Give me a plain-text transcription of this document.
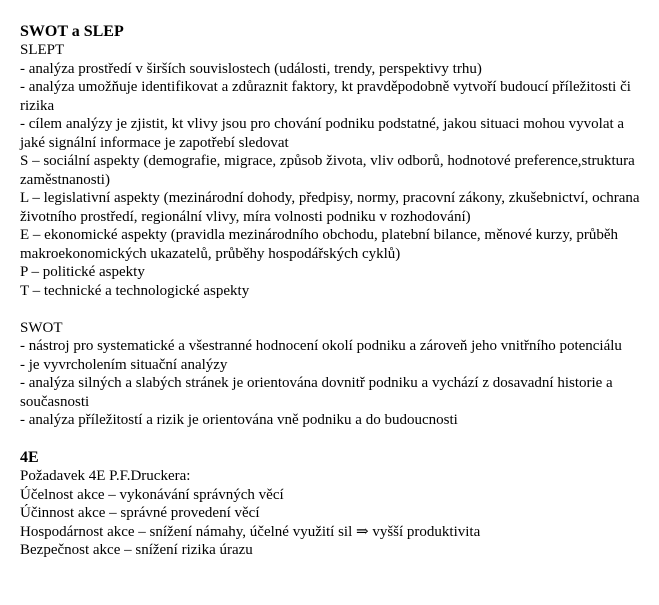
SWOT a SLEP

SLEPT

- analýza prostředí v širších souvislostech (události, trendy, perspektivy trhu)

- analýza umožňuje identifikovat a zdůraznit faktory, kt pravděpodobně vytvoří budoucí příležitosti či rizika

- cílem analýzy je zjistit, kt vlivy jsou pro chování podniku podstatné, jakou situaci mohou vyvolat a jaké signální informace je zapotřebí sledovat

S – sociální aspekty (demografie, migrace, způsob života, vliv odborů, hodnotové preference,struktura zaměstnanosti)

L – legislativní aspekty (mezinárodní dohody, předpisy, normy, pracovní zákony, zkušebnictví, ochrana životního prostředí, regionální vlivy, míra volnosti podniku v rozhodování)

E – ekonomické aspekty (pravidla mezinárodního obchodu, platební bilance, měnové kurzy, průběh makroekonomických ukazatelů, průběhy hospodářských cyklů)

P – politické aspekty

T – technické a technologické aspekty

SWOT

- nástroj pro systematické a všestranné hodnocení okolí podniku a zároveň jeho vnitřního potenciálu

- je vyvrcholením situační analýzy

- analýza silných a slabých stránek je orientována dovnitř podniku a vychází z dosavadní historie a současnosti

- analýza příležitostí a rizik je orientována vně podniku a do budoucnosti

4E

Požadavek 4E P.F.Druckera:

Účelnost akce – vykonávání správných věcí

Účinnost akce – správné provedení věcí

Hospodárnost akce – snížení námahy, účelné využití sil ⇒ vyšší produktivita

Bezpečnost akce – snížení rizika úrazu
